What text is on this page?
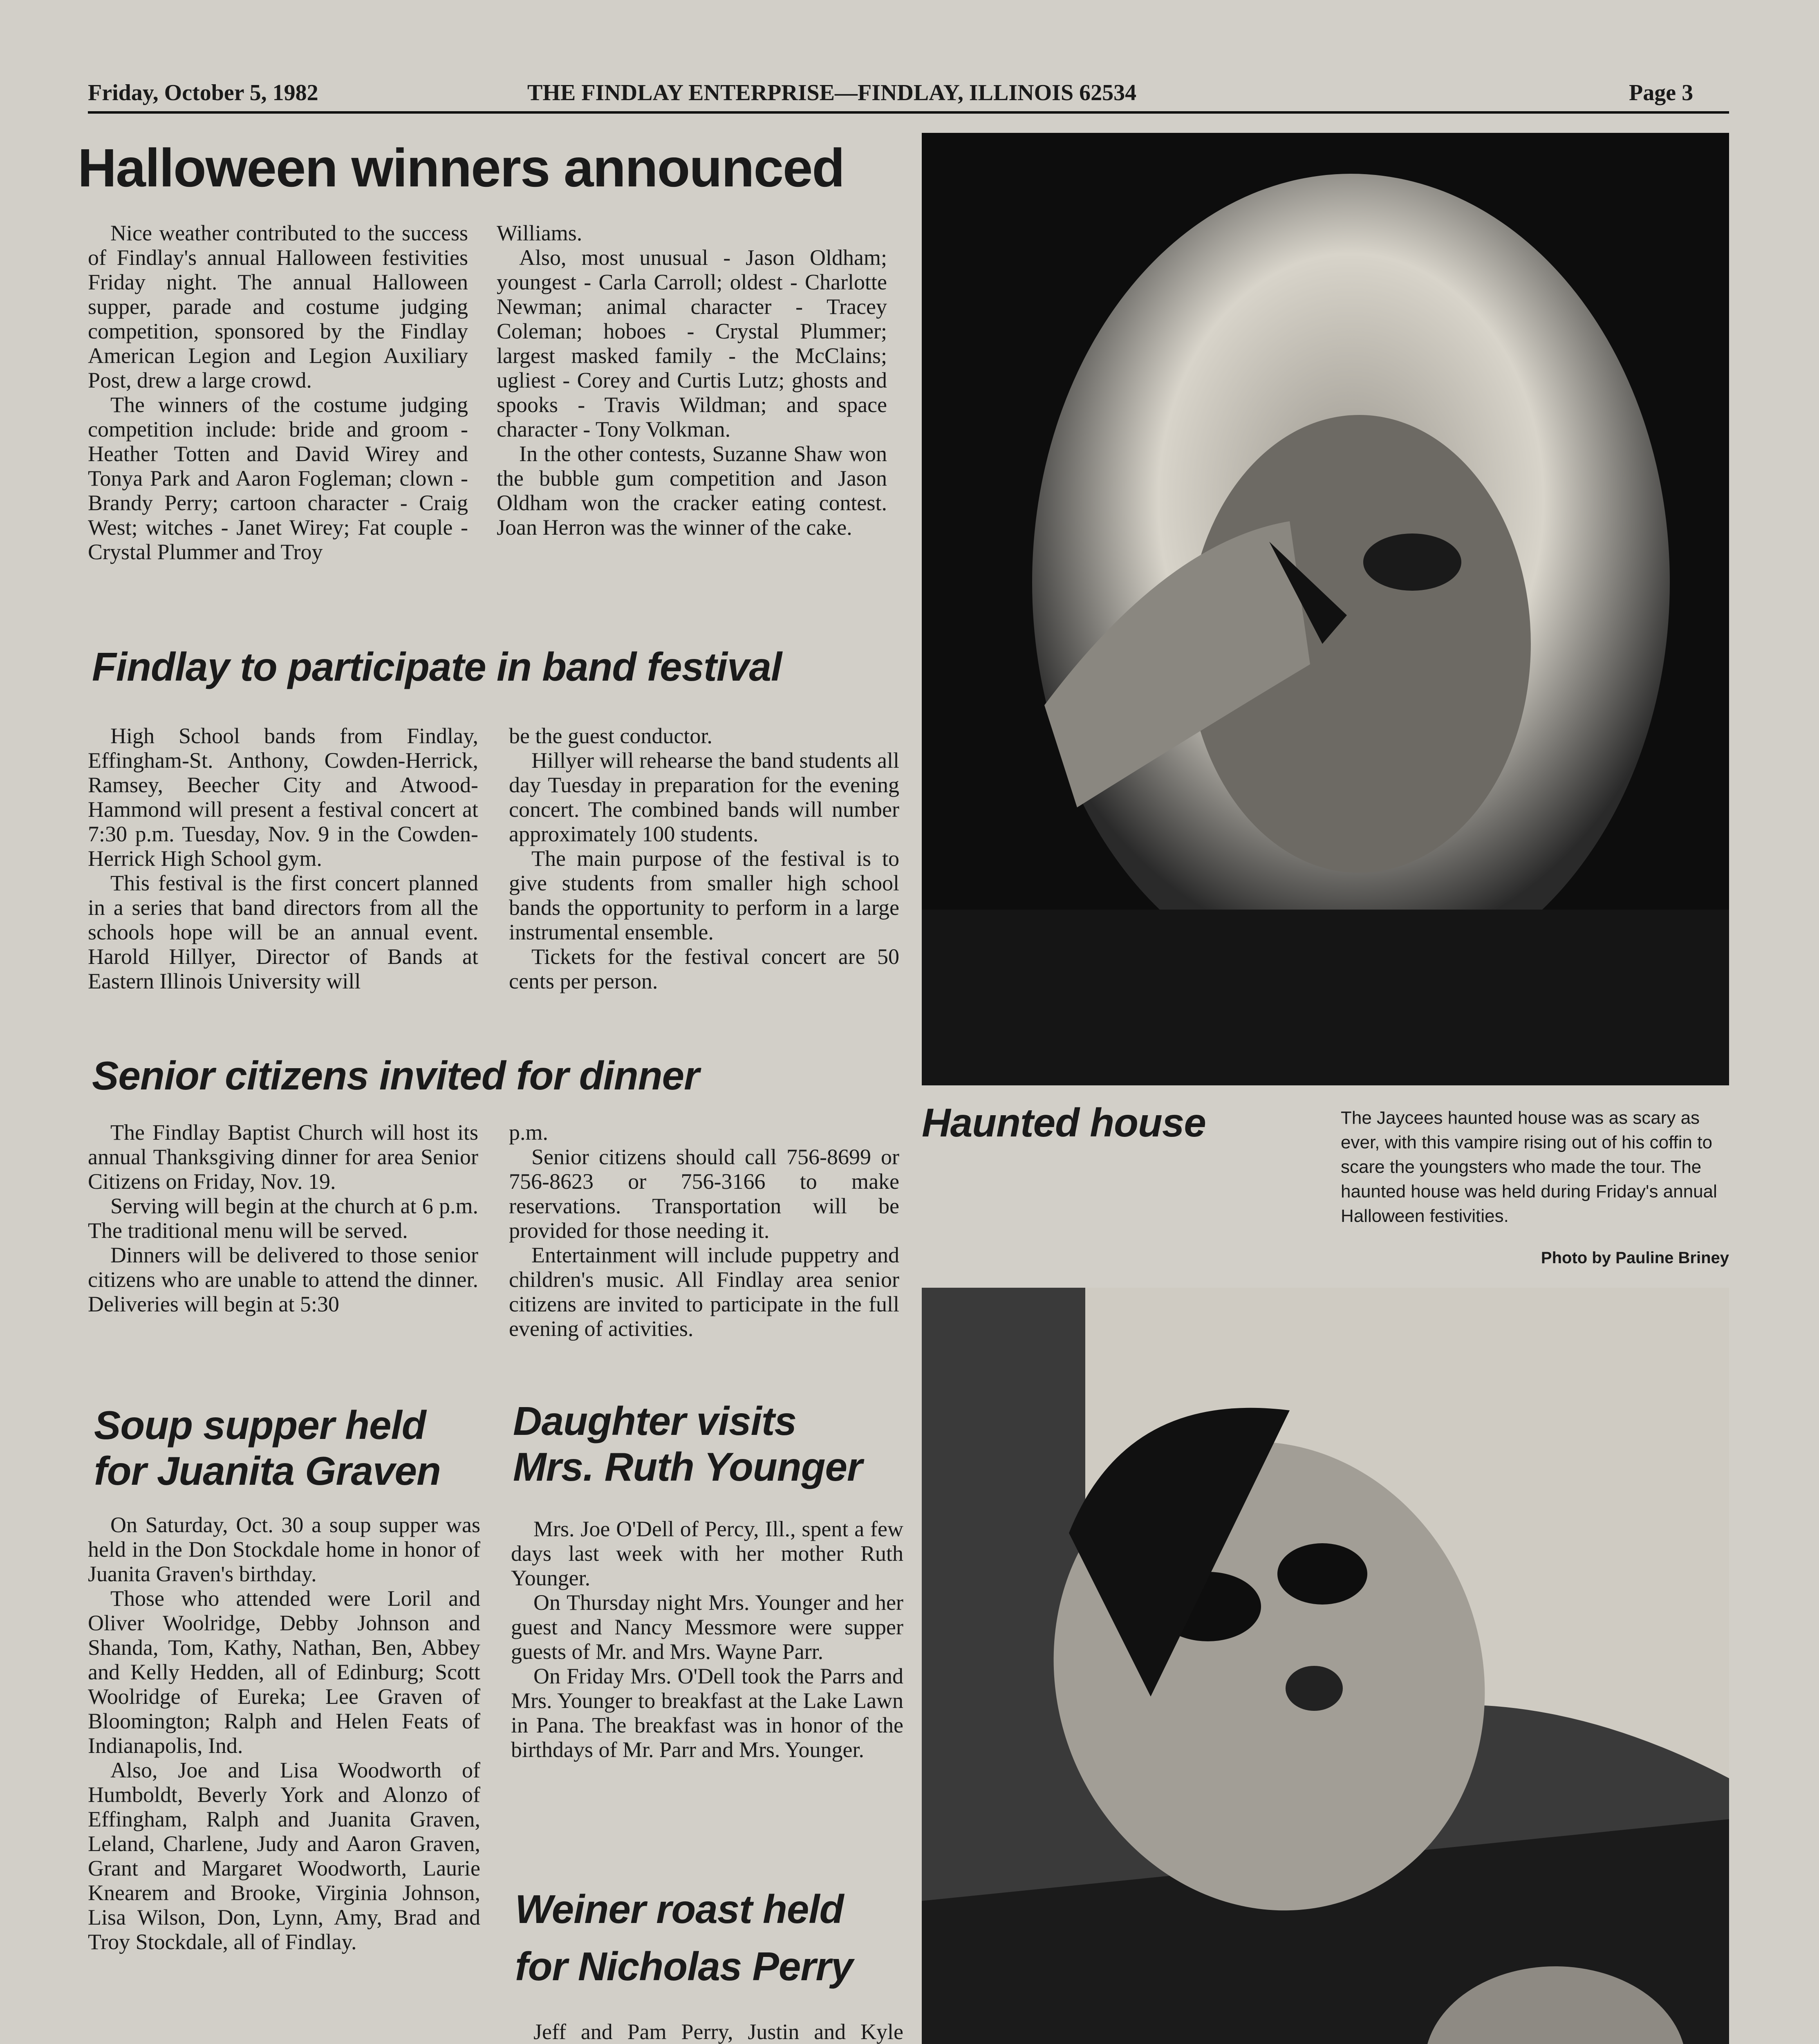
Friday, October 5, 1982	THE FINDLAY ENTERPRISE—FINDLAY, ILLINOIS 62534	Page 3
Halloween winners announced

Nice weather contributed to the success of Findlay's annual Halloween festivities Friday night. The annual Halloween supper, parade and costume judging competition, sponsored by the Findlay American Legion and Legion Auxiliary Post, drew a large crowd.

The winners of the costume judging competition include: bride and groom - Heather Totten and David Wirey and Tonya Park and Aaron Fogleman; clown - Brandy Perry; cartoon character - Craig West; witches - Janet Wirey; Fat couple - Crystal Plummer and Troy

Williams.

Also, most unusual - Jason Oldham; youngest - Carla Carroll; oldest - Charlotte Newman; animal character - Tracey Coleman; hoboes - Crystal Plummer; largest masked family - the McClains; ugliest - Corey and Curtis Lutz; ghosts and spooks - Travis Wildman; and space character - Tony Volkman.

In the other contests, Suzanne Shaw won the bubble gum competition and Jason Oldham won the cracker eating contest. Joan Herron was the winner of the cake.

Findlay to participate in band festival

High School bands from Findlay, Effingham-St. Anthony, Cowden-Herrick, Ramsey, Beecher City and Atwood-Hammond will present a festival concert at 7:30 p.m. Tuesday, Nov. 9 in the Cowden-Herrick High School gym.

This festival is the first concert planned in a series that band directors from all the schools hope will be an annual event. Harold Hillyer, Director of Bands at Eastern Illinois University will

be the guest conductor.

Hillyer will rehearse the band students all day Tuesday in preparation for the evening concert. The combined bands will number approximately 100 students.

The main purpose of the festival is to give students from smaller high school bands the opportunity to perform in a large instrumental ensemble.

Tickets for the festival concert are 50 cents per person.

Senior citizens invited for dinner

The Findlay Baptist Church will host its annual Thanksgiving dinner for area Senior Citizens on Friday, Nov. 19.

Serving will begin at the church at 6 p.m. The traditional menu will be served.

Dinners will be delivered to those senior citizens who are unable to attend the dinner. Deliveries will begin at 5:30

p.m.

Senior citizens should call 756-8699 or 756-8623 or 756-3166 to make reservations. Transportation will be provided for those needing it.

Entertainment will include puppetry and children's music. All Findlay area senior citizens are invited to participate in the full evening of activities.

Soup supper held
for Juanita Graven

On Saturday, Oct. 30 a soup supper was held in the Don Stockdale home in honor of Juanita Graven's birthday.

Those who attended were Loril and Oliver Woolridge, Debby Johnson and Shanda, Tom, Kathy, Nathan, Ben, Abbey and Kelly Hedden, all of Edinburg; Scott Woolridge of Eureka; Lee Graven of Bloomington; Ralph and Helen Feats of Indianapolis, Ind.

Also, Joe and Lisa Woodworth of Humboldt, Beverly York and Alonzo of Effingham, Ralph and Juanita Graven, Leland, Charlene, Judy and Aaron Graven, Grant and Margaret Woodworth, Laurie Knearem and Brooke, Virginia Johnson, Lisa Wilson, Don, Lynn, Amy, Brad and Troy Stockdale, all of Findlay.

Daughter visits
Mrs. Ruth Younger

Mrs. Joe O'Dell of Percy, Ill., spent a few days last week with her mother Ruth Younger.

On Thursday night Mrs. Younger and her guest and Nancy Messmore were supper guests of Mr. and Mrs. Wayne Parr.

On Friday Mrs. O'Dell took the Parrs and Mrs. Younger to breakfast at the Lake Lawn in Pana. The breakfast was in honor of the birthdays of Mr. Parr and Mrs. Younger.

Weiner roast held
for Nicholas Perry

Jeff and Pam Perry, Justin and Kyle

Haunted house	The Jaycees haunted house was as scary as ever, with this vampire rising out of his coffin to scare the youngsters who made the tour. The haunted house was held during Friday's annual Halloween festivities.
Photo by Pauline Briney
